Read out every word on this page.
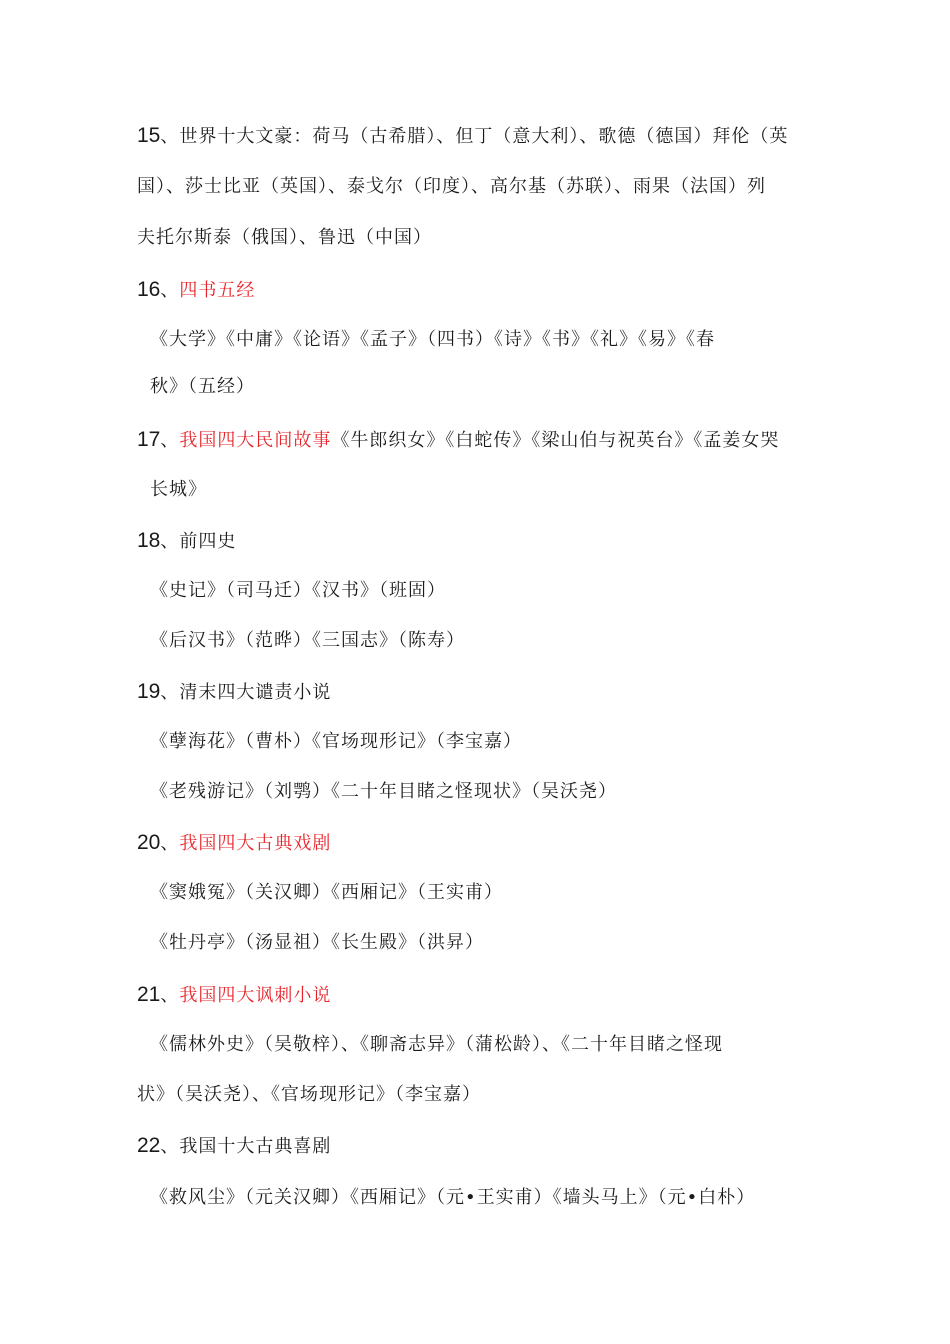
15、世界十大文豪：荷马（古希腊）、但丁（意大利）、歌德（德国）拜伦（英
国）、莎士比亚（英国）、泰戈尔（印度）、高尔基（苏联）、雨果（法国）列
夫托尔斯泰（俄国）、鲁迅（中国）
16、四书五经
《大学》《中庸》《论语》《孟子》（四书）《诗》《书》《礼》《易》《春
秋》（五经）
17、我国四大民间故事《牛郎织女》《白蛇传》《梁山伯与祝英台》《孟姜女哭
长城》
18、前四史
《史记》（司马迁）《汉书》（班固）
《后汉书》（范晔）《三国志》（陈寿）
19、清末四大谴责小说
《孽海花》（曹朴）《官场现形记》（李宝嘉）
《老残游记》（刘鹗）《二十年目睹之怪现状》（吴沃尧）
20、我国四大古典戏剧
《窦娥冤》（关汉卿）《西厢记》（王实甫）
《牡丹亭》（汤显祖）《长生殿》（洪昇）
21、我国四大讽刺小说
《儒林外史》（吴敬梓）、《聊斋志异》（蒲松龄）、《二十年目睹之怪现
状》（吴沃尧）、《官场现形记》（李宝嘉）
22、我国十大古典喜剧
《救风尘》（元关汉卿）《西厢记》（元•王实甫）《墙头马上》（元•白朴）
